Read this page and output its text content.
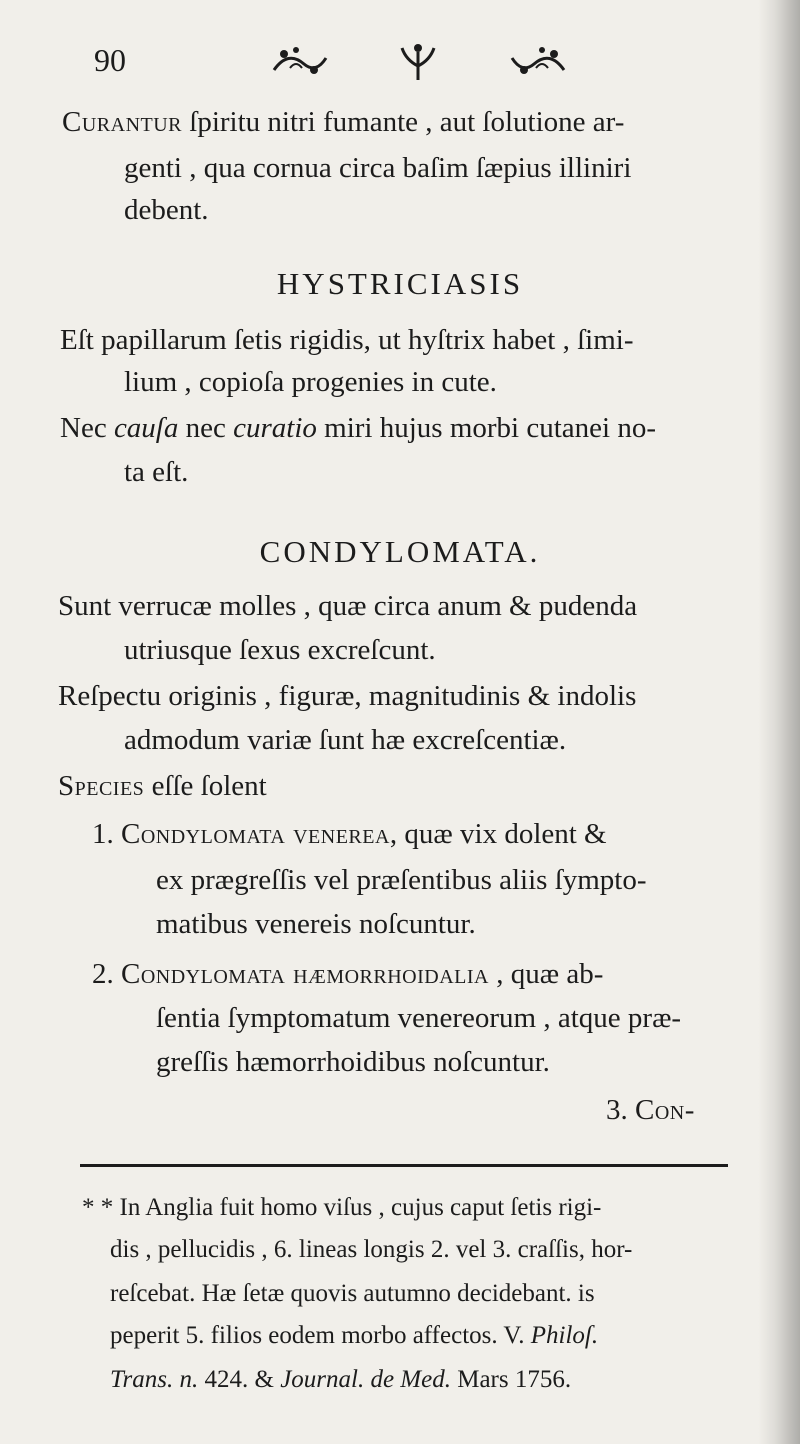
90
Curantur ſpiritu nitri fumante , aut ſolutione ar-
genti , qua cornua circa baſim ſæpius illiniri
debent.
HYSTRICIASIS
Eſt papillarum ſetis rigidis, ut hyſtrix habet , ſimi-
lium , copioſa progenies in cute.
Nec cauſa nec curatio miri hujus morbi cutanei no-
ta eſt.
CONDYLOMATA.
Sunt verrucæ molles , quæ circa anum & pudenda
utriusque ſexus excreſcunt.
Reſpectu originis , figuræ, magnitudinis & indolis
admodum variæ ſunt hæ excreſcentiæ.
Species eſſe ſolent
1. Condylomata venerea, quæ vix dolent &
ex prægreſſis vel præſentibus aliis ſympto-
matibus venereis noſcuntur.
2. Condylomata hæmorrhoidalia , quæ ab-
ſentia ſymptomatum venereorum , atque præ-
greſſis hæmorrhoidibus noſcuntur.
3. Con-
* * In Anglia fuit homo viſus , cujus caput ſetis rigi-
dis , pellucidis , 6. lineas longis 2. vel 3. craſſis, hor-
reſcebat. Hæ ſetæ quovis autumno decidebant. is
peperit 5. filios eodem morbo affectos. V. Philoſ.
Trans. n. 424. & Journal. de Med. Mars 1756.
